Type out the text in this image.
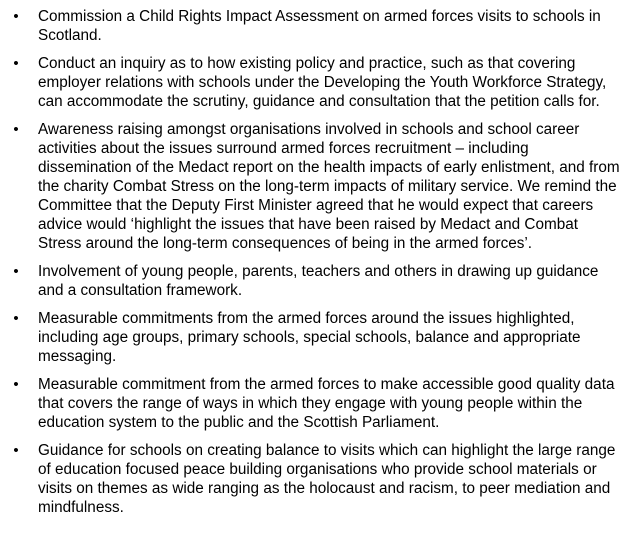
• Commission a Child Rights Impact Assessment on armed forces visits to schools in Scotland.
• Conduct an inquiry as to how existing policy and practice, such as that covering employer relations with schools under the Developing the Youth Workforce Strategy, can accommodate the scrutiny, guidance and consultation that the petition calls for.
• Awareness raising amongst organisations involved in schools and school career activities about the issues surround armed forces recruitment – including dissemination of the Medact report on the health impacts of early enlistment, and from the charity Combat Stress on the long-term impacts of military service. We remind the Committee that the Deputy First Minister agreed that he would expect that careers advice would ‘highlight the issues that have been raised by Medact and Combat Stress around the long-term consequences of being in the armed forces’.
• Involvement of young people, parents, teachers and others in drawing up guidance and a consultation framework.
• Measurable commitments from the armed forces around the issues highlighted, including age groups, primary schools, special schools, balance and appropriate messaging.
• Measurable commitment from the armed forces to make accessible good quality data that covers the range of ways in which they engage with young people within the education system to the public and the Scottish Parliament.
• Guidance for schools on creating balance to visits which can highlight the large range of education focused peace building organisations who provide school materials or visits on themes as wide ranging as the holocaust and racism, to peer mediation and mindfulness.
